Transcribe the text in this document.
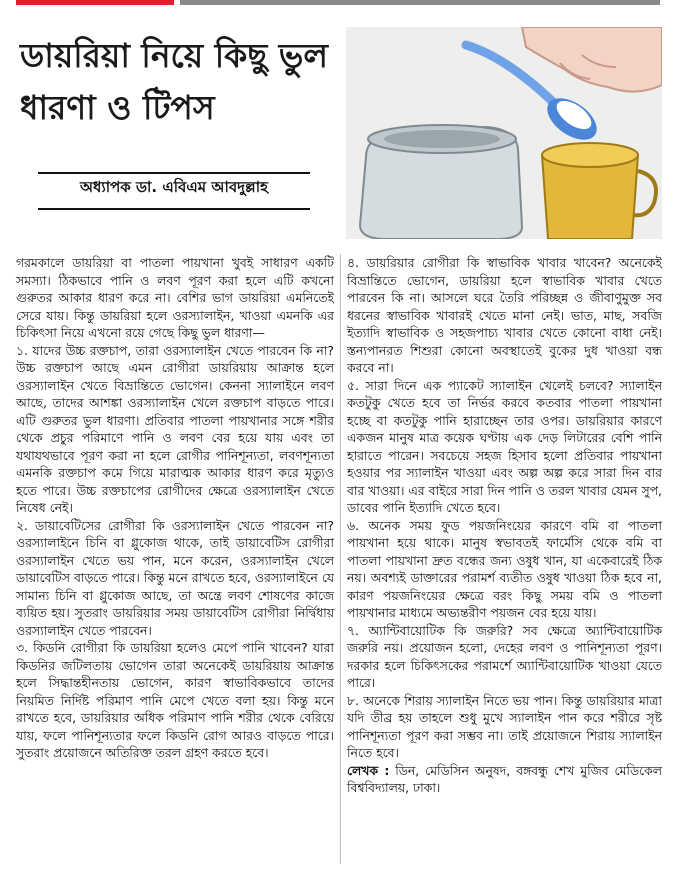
ডায়রিয়া নিয়ে কিছু ভুল ধারণা ও টিপস
অধ্যাপক ডা. এবিএম আবদুল্লাহ

গরমকালে ডায়রিয়া বা পাতলা পায়খানা খুবই সাধারণ একটি সমস্যা। ঠিকভাবে পানি ও লবণ পূরণ করা হলে এটি কখনো গুরুতর আকার ধারণ করে না। বেশির ভাগ ডায়রিয়া এমনিতেই সেরে যায়। কিন্তু ডায়রিয়া হলে ওরস্যালাইন, খাওয়া এমনকি এর চিকিৎসা নিয়ে এখনো রয়ে গেছে কিছু ভুল ধারণা—

১. যাদের উচ্চ রক্তচাপ, তারা ওরস্যালাইন খেতে পারবেন কি না? উচ্চ রক্তচাপ আছে এমন রোগীরা ডায়রিয়ায় আক্রান্ত হলে ওরস্যালাইন খেতে বিভ্রান্তিতে ভোগেন। কেননা স্যালাইনে লবণ আছে, তাদের আশঙ্কা ওরস্যালাইন খেলে রক্তচাপ বাড়তে পারে। এটি গুরুতর ভুল ধারণা। প্রতিবার পাতলা পায়খানার সঙ্গে শরীর থেকে প্রচুর পরিমাণে পানি ও লবণ বের হয়ে যায় এবং তা যথাযথভাবে পূরণ করা না হলে রোগীর পানিশূন্যতা, লবণশূন্যতা এমনকি রক্তচাপ কমে গিয়ে মারাত্মক আকার ধারণ করে মৃত্যুও হতে পারে। উচ্চ রক্তচাপের রোগীদের ক্ষেত্রে ওরস্যালাইন খেতে নিষেধ নেই।

২. ডায়াবেটিসের রোগীরা কি ওরস্যালাইন খেতে পারবেন না? ওরস্যালাইনে চিনি বা গ্লুকোজ থাকে, তাই ডায়াবেটিস রোগীরা ওরস্যালাইন খেতে ভয় পান, মনে করেন, ওরস্যালাইন খেলে ডায়াবেটিস বাড়তে পারে। কিন্তু মনে রাখতে হবে, ওরস্যালাইনে যে সামান্য চিনি বা গ্লুকোজ আছে, তা অন্ত্রে লবণ শোষণের কাজে ব্যয়িত হয়। সুতরাং ডায়রিয়ার সময় ডায়াবেটিস রোগীরা নির্দ্বিধায় ওরস্যালাইন খেতে পারবেন।

৩. কিডনি রোগীরা কি ডায়রিয়া হলেও মেপে পানি খাবেন? যারা কিডনির জটিলতায় ভোগেন তারা অনেকেই ডায়রিয়ায় আক্রান্ত হলে সিদ্ধান্তহীনতায় ভোগেন, কারণ স্বাভাবিকভাবে তাদের নিয়মিত নির্দিষ্ট পরিমাণ পানি মেপে খেতে বলা হয়। কিন্তু মনে রাখতে হবে, ডায়রিয়ার অধিক পরিমাণ পানি শরীর থেকে বেরিয়ে যায়, ফলে পানিশূন্যতার ফলে কিডনি রোগ আরও বাড়তে পারে। সুতরাং প্রয়োজনে অতিরিক্ত তরল গ্রহণ করতে হবে।

৪. ডায়রিয়ার রোগীরা কি স্বাভাবিক খাবার খাবেন? অনেকেই বিভ্রান্তিতে ভোগেন, ডায়রিয়া হলে স্বাভাবিক খাবার খেতে পারবেন কি না। আসলে ঘরে তৈরি পরিচ্ছন্ন ও জীবাণুমুক্ত সব ধরনের স্বাভাবিক খাবারই খেতে মানা নেই। ভাত, মাছ, সবজি ইত্যাদি স্বাভাবিক ও সহজপাচ্য খাবার খেতে কোনো বাধা নেই। স্তন্যপানরত শিশুরা কোনো অবস্থাতেই বুকের দুধ খাওয়া বন্ধ করবে না।

৫. সারা দিনে এক প্যাকেট স্যালাইন খেলেই চলবে? স্যালাইন কতটুকু খেতে হবে তা নির্ভর করবে কতবার পাতলা পায়খানা হচ্ছে বা কতটুকু পানি হারাচ্ছেন তার ওপর। ডায়রিয়ার কারণে একজন মানুষ মাত্র কয়েক ঘণ্টায় এক দেড় লিটারের বেশি পানি হারাতে পারেন। সবচেয়ে সহজ হিসাব হলো প্রতিবার পায়খানা হওয়ার পর স্যালাইন খাওয়া এবং অল্প অল্প করে সারা দিন বার বার খাওয়া। এর বাইরে সারা দিন পানি ও তরল খাবার যেমন সুপ, ডাবের পানি ইত্যাদি খেতে হবে।

৬. অনেক সময় ফুড পয়জনিংয়ের কারণে বমি বা পাতলা পায়খানা হয়ে থাকে। মানুষ স্বভাবতই ফার্মেসি থেকে বমি বা পাতলা পায়খানা দ্রুত বন্ধের জন্য ওষুধ খান, যা একেবারেই ঠিক নয়। অবশ্যই ডাক্তারের পরামর্শ ব্যতীত ওষুধ খাওয়া ঠিক হবে না, কারণ পয়জনিংয়ের ক্ষেত্রে বরং কিছু সময় বমি ও পাতলা পায়খানার মাধ্যমে অভ্যন্তরীণ পয়জন বের হয়ে যায়।

৭. অ্যান্টিবায়োটিক কি জরুরি? সব ক্ষেত্রে অ্যান্টিবায়োটিক জরুরি নয়। প্রয়োজন হলো, দেহের লবণ ও পানিশূন্যতা পূরণ। দরকার হলে চিকিৎসকের পরামর্শে অ্যান্টিবায়োটিক খাওয়া যেতে পারে।

৮. অনেকে শিরায় স্যালাইন নিতে ভয় পান। কিন্তু ডায়রিয়ার মাত্রা যদি তীব্র হয় তাহলে শুধু মুখে স্যালাইন পান করে শরীরে সৃষ্ট পানিশূন্যতা পূরণ করা সম্ভব না। তাই প্রয়োজনে শিরায় স্যালাইন নিতে হবে।

লেখক : ডিন, মেডিসিন অনুষদ, বঙ্গবন্ধু শেখ মুজিব মেডিকেল বিশ্ববিদ্যালয়, ঢাকা।
